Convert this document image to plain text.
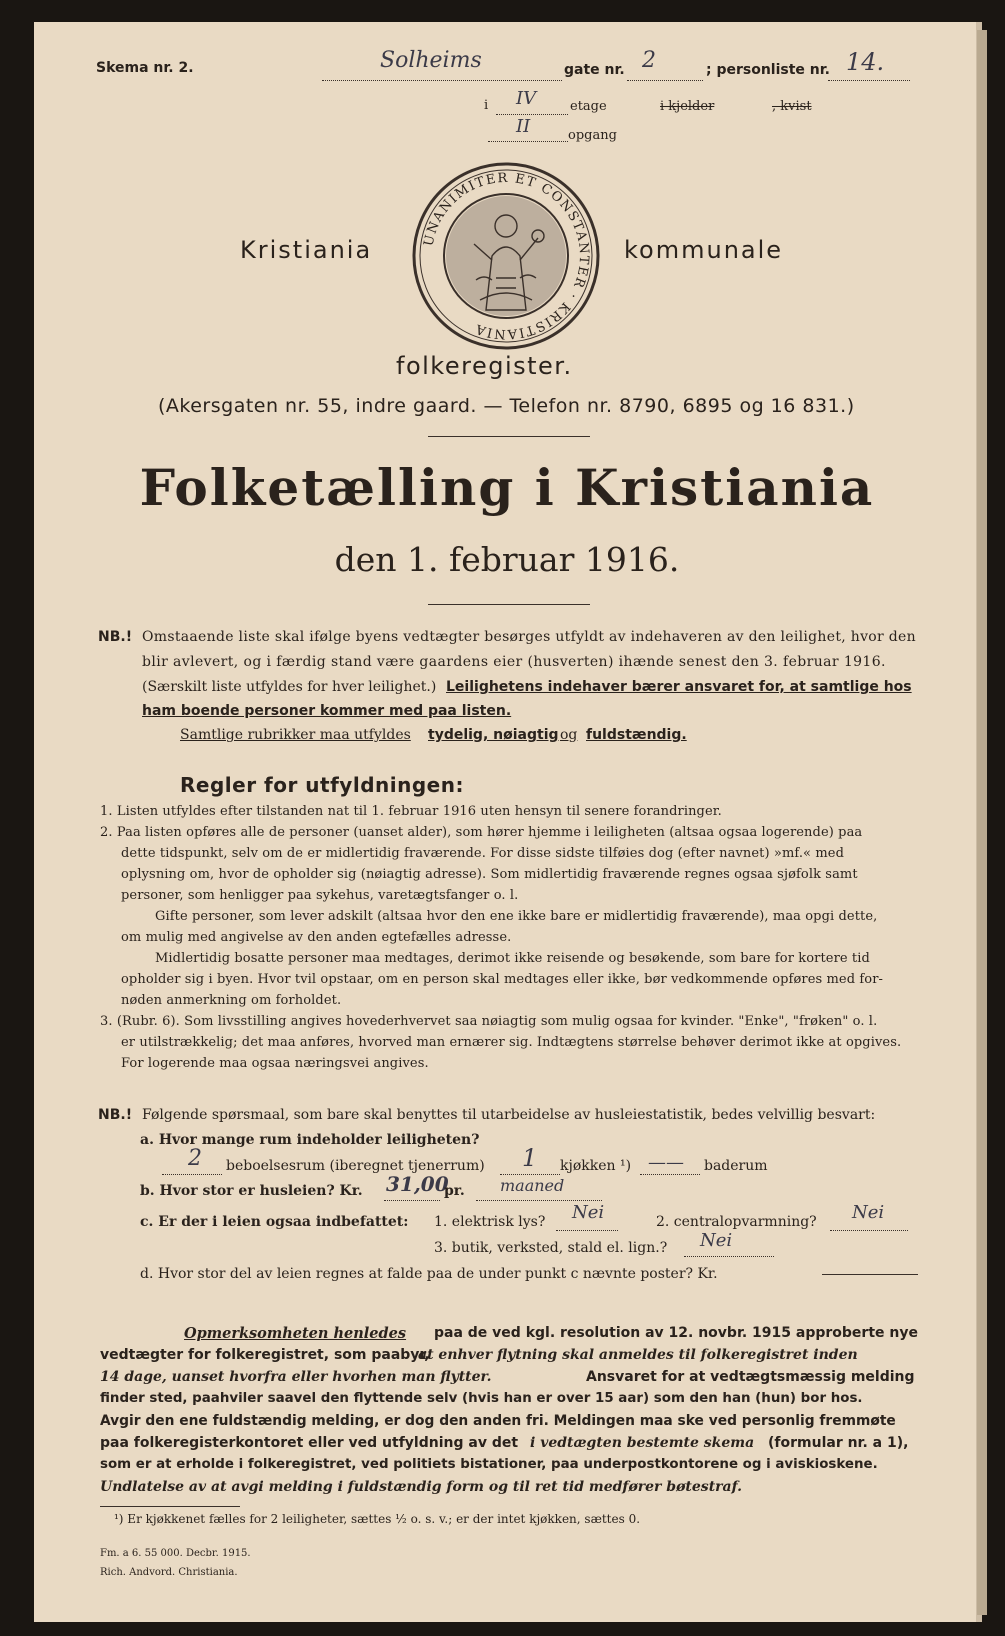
Skema nr. 2.	Solheims	gate nr. 2	; personliste nr. 14.
i IV	etage	i kjelder	, kvist
II	opgang
Kristiania	kommunale
UNANIMITER ET CONSTANTER · KRISTIANIA
folkeregister.
(Akersgaten nr. 55, indre gaard. — Telefon nr. 8790, 6895 og 16 831.)
Folketælling i Kristiania
den 1. februar 1916.
NB.! Omstaaende liste skal ifølge byens vedtægter besørges utfyldt av indehaveren av den leilighet, hvor den
blir avlevert, og i færdig stand være gaardens eier (husverten) ihænde senest den 3. februar 1916.
(Særskilt liste utfyldes for hver leilighet.) Leilighetens indehaver bærer ansvaret for, at samtlige hos
ham boende personer kommer med paa listen.
Samtlige rubrikker maa utfyldes tydelig, nøiagtig og fuldstændig.
Regler for utfyldningen:
1. Listen utfyldes efter tilstanden nat til 1. februar 1916 uten hensyn til senere forandringer.
2. Paa listen opføres alle de personer (uanset alder), som hører hjemme i leiligheten (altsaa ogsaa logerende) paa
dette tidspunkt, selv om de er midlertidig fraværende. For disse sidste tilføies dog (efter navnet) »mf.« med
oplysning om, hvor de opholder sig (nøiagtig adresse). Som midlertidig fraværende regnes ogsaa sjøfolk samt
personer, som henligger paa sykehus, varetægtsfanger o. l.
Gifte personer, som lever adskilt (altsaa hvor den ene ikke bare er midlertidig fraværende), maa opgi dette,
om mulig med angivelse av den anden egtefælles adresse.
Midlertidig bosatte personer maa medtages, derimot ikke reisende og besøkende, som bare for kortere tid
opholder sig i byen. Hvor tvil opstaar, om en person skal medtages eller ikke, bør vedkommende opføres med for-
nøden anmerkning om forholdet.
3. (Rubr. 6). Som livsstilling angives hovederhvervet saa nøiagtig som mulig ogsaa for kvinder. "Enke", "frøken" o. l.
er utilstrækkelig; det maa anføres, hvorved man ernærer sig. Indtægtens størrelse behøver derimot ikke at opgives.
For logerende maa ogsaa næringsvei angives.
NB.! Følgende spørsmaal, som bare skal benyttes til utarbeidelse av husleiestatistik, bedes velvillig besvart:
a. Hvor mange rum indeholder leiligheten?
2 beboelsesrum (iberegnet tjenerrum) 1 kjøkken ¹) —— baderum
b. Hvor stor er husleien? Kr. 31,00
pr. maaned
c. Er der i leien ogsaa indbefattet: 1. elektrisk lys? Nei	2. centralopvarmning? Nei
3. butik, verksted, stald el. lign.? Nei
d. Hvor stor del av leien regnes at falde paa de under punkt c nævnte poster? Kr.
Opmerksomheten henledes paa de ved kgl. resolution av 12. novbr. 1915 approberte nye
vedtægter for folkeregistret, som paabyr,
at enhver flytning skal anmeldes til folkeregistret inden
14 dage, uanset hvorfra eller hvorhen man flytter.	Ansvaret for at vedtægtsmæssig melding
finder sted, paahviler saavel den flyttende selv (hvis han er over 15 aar) som den han (hun) bor hos.
Avgir den ene fuldstændig melding, er dog den anden fri. Meldingen maa ske ved personlig fremmøte
paa folkeregisterkontoret eller ved utfyldning av det i vedtægten bestemte skema (formular nr. a 1),
som er at erholde i folkeregistret, ved politiets bistationer, paa underpostkontorene og i aviskioskene.
Undlatelse av at avgi melding i fuldstændig form og til ret tid medfører bøtestraf.
¹) Er kjøkkenet fælles for 2 leiligheter, sættes ½ o. s. v.; er der intet kjøkken, sættes 0.
Fm. a 6. 55 000. Decbr. 1915.
Rich. Andvord. Christiania.
